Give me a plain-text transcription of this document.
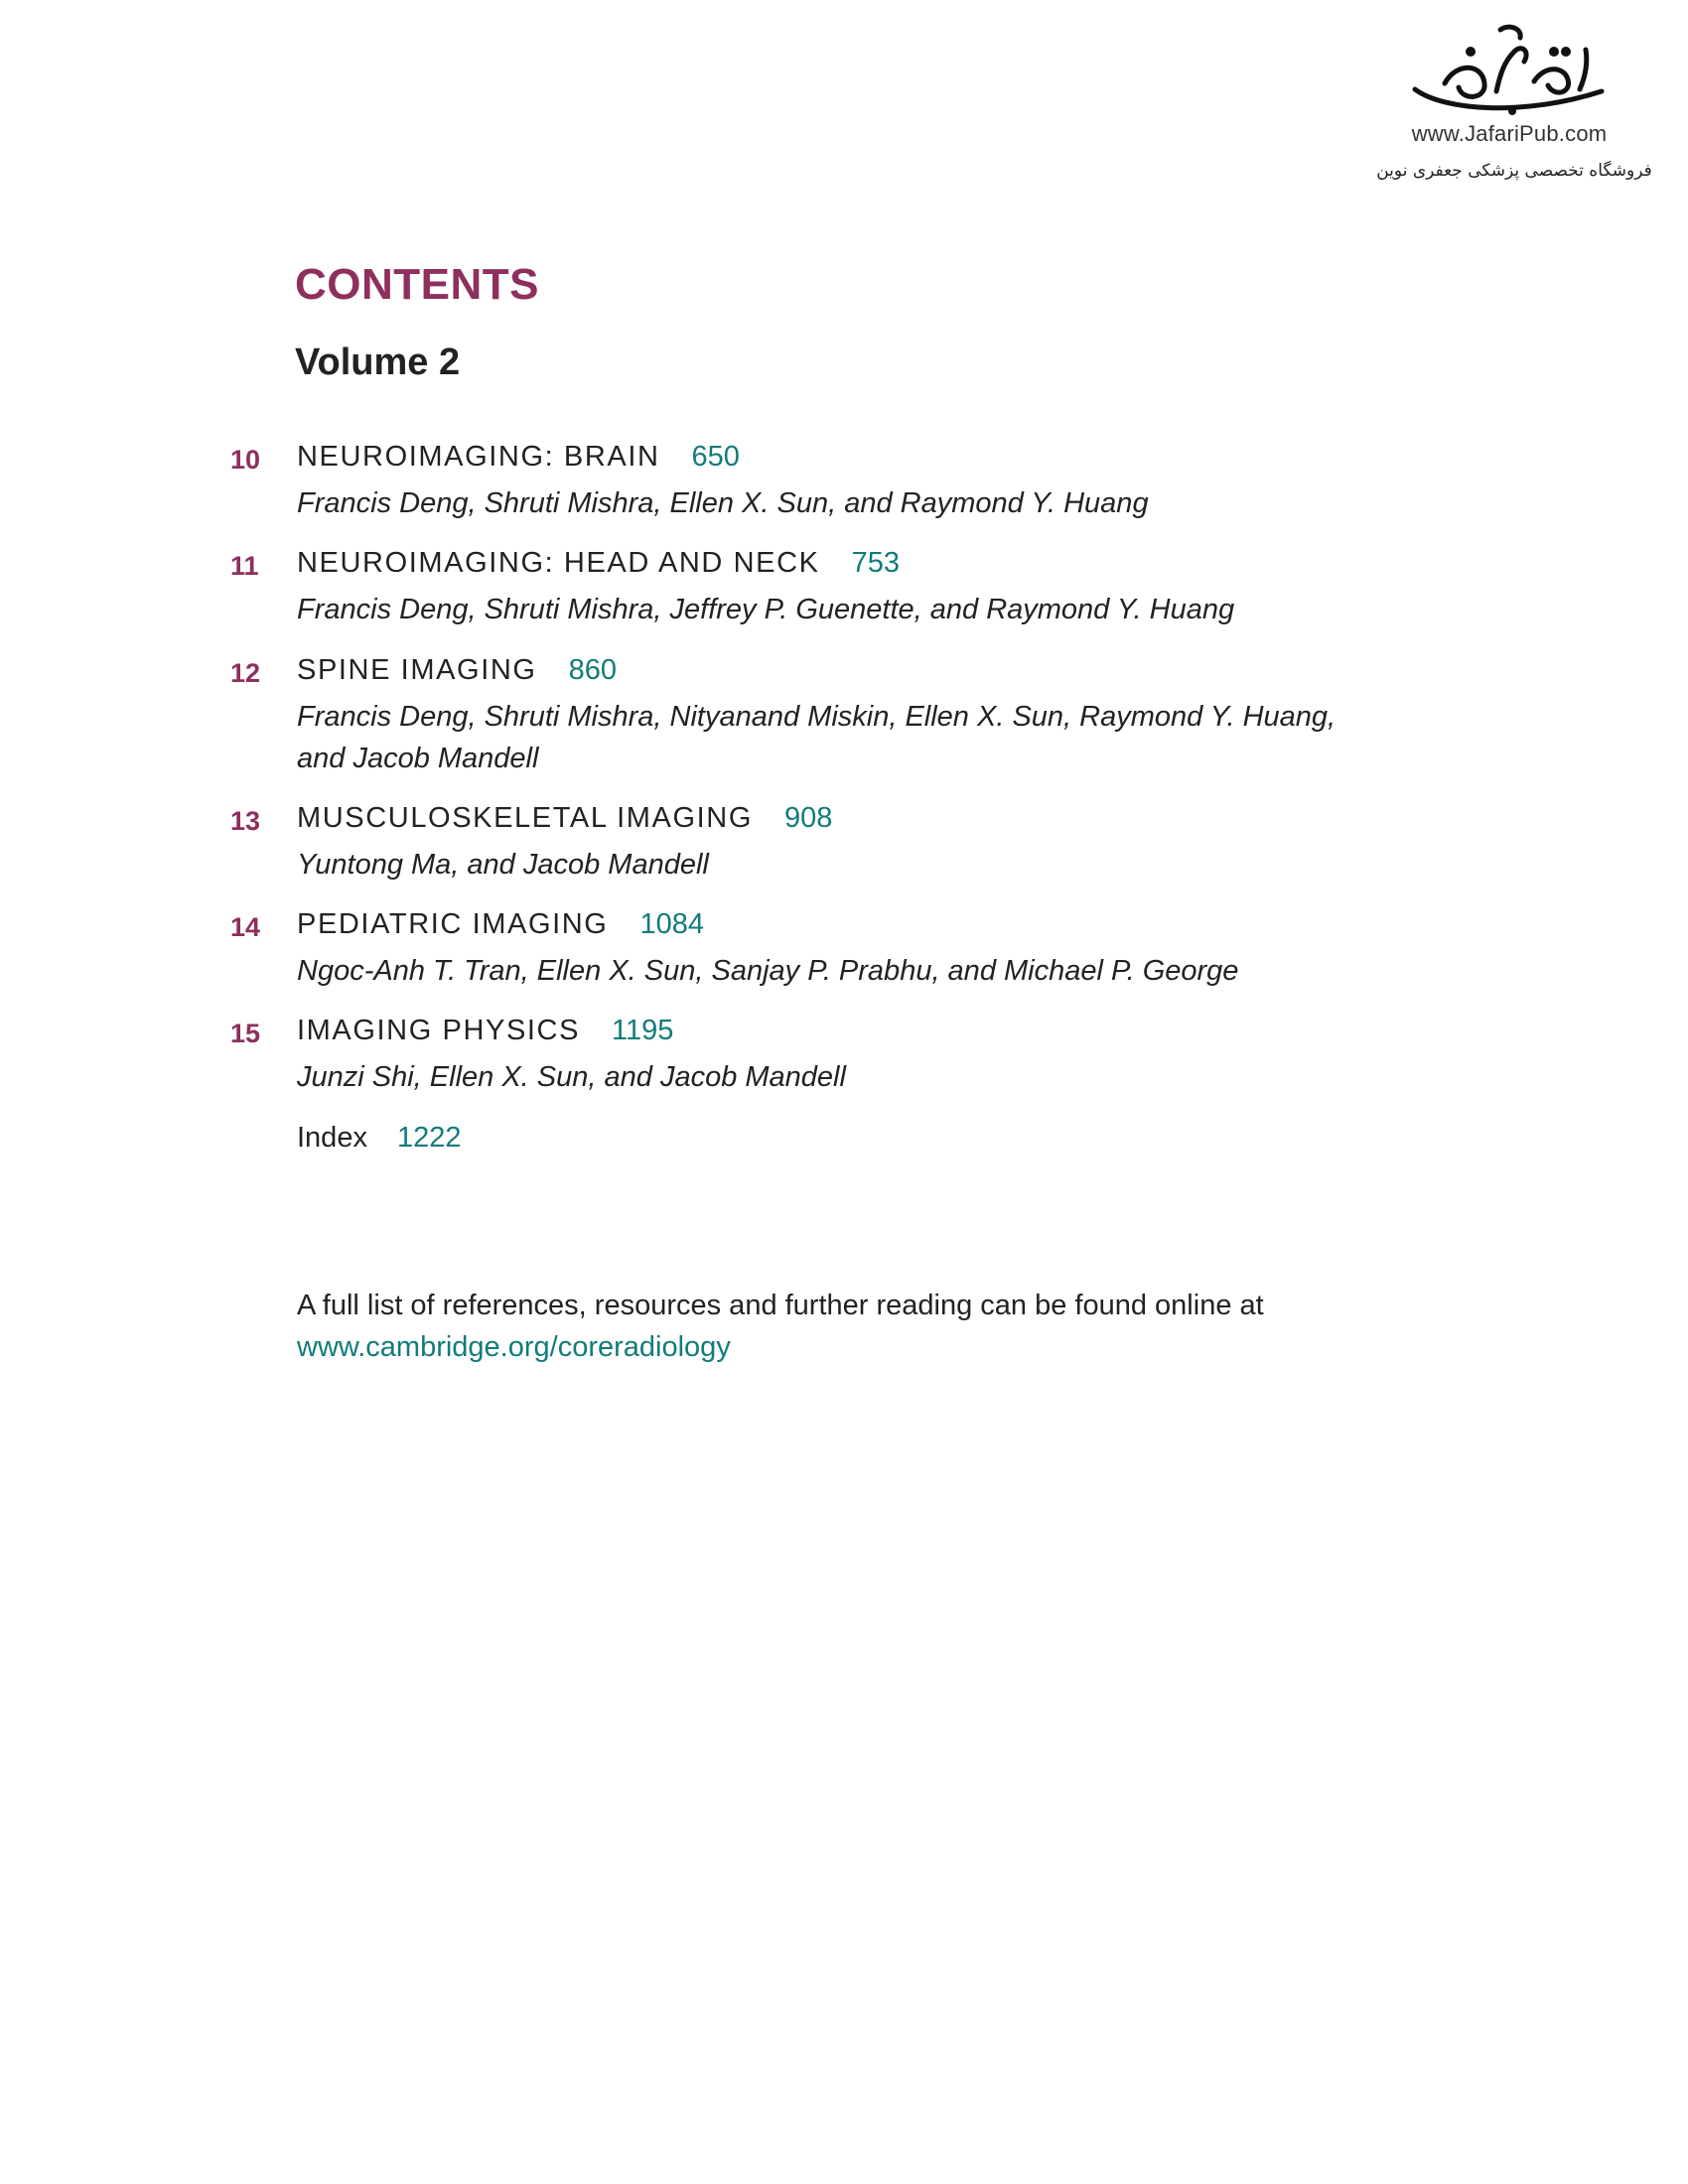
www.JafariPub.com
فروشگاه تخصصی پزشکی جعفری نوین
CONTENTS
Volume 2
10 NEUROIMAGING: BRAIN 650
Francis Deng, Shruti Mishra, Ellen X. Sun, and Raymond Y. Huang
11 NEUROIMAGING: HEAD AND NECK 753
Francis Deng, Shruti Mishra, Jeffrey P. Guenette, and Raymond Y. Huang
12 SPINE IMAGING 860
Francis Deng, Shruti Mishra, Nityanand Miskin, Ellen X. Sun, Raymond Y. Huang, and Jacob Mandell
13 MUSCULOSKELETAL IMAGING 908
Yuntong Ma, and Jacob Mandell
14 PEDIATRIC IMAGING 1084
Ngoc-Anh T. Tran, Ellen X. Sun, Sanjay P. Prabhu, and Michael P. George
15 IMAGING PHYSICS 1195
Junzi Shi, Ellen X. Sun, and Jacob Mandell
Index 1222
A full list of references, resources and further reading can be found online at
www.cambridge.org/coreradiology
